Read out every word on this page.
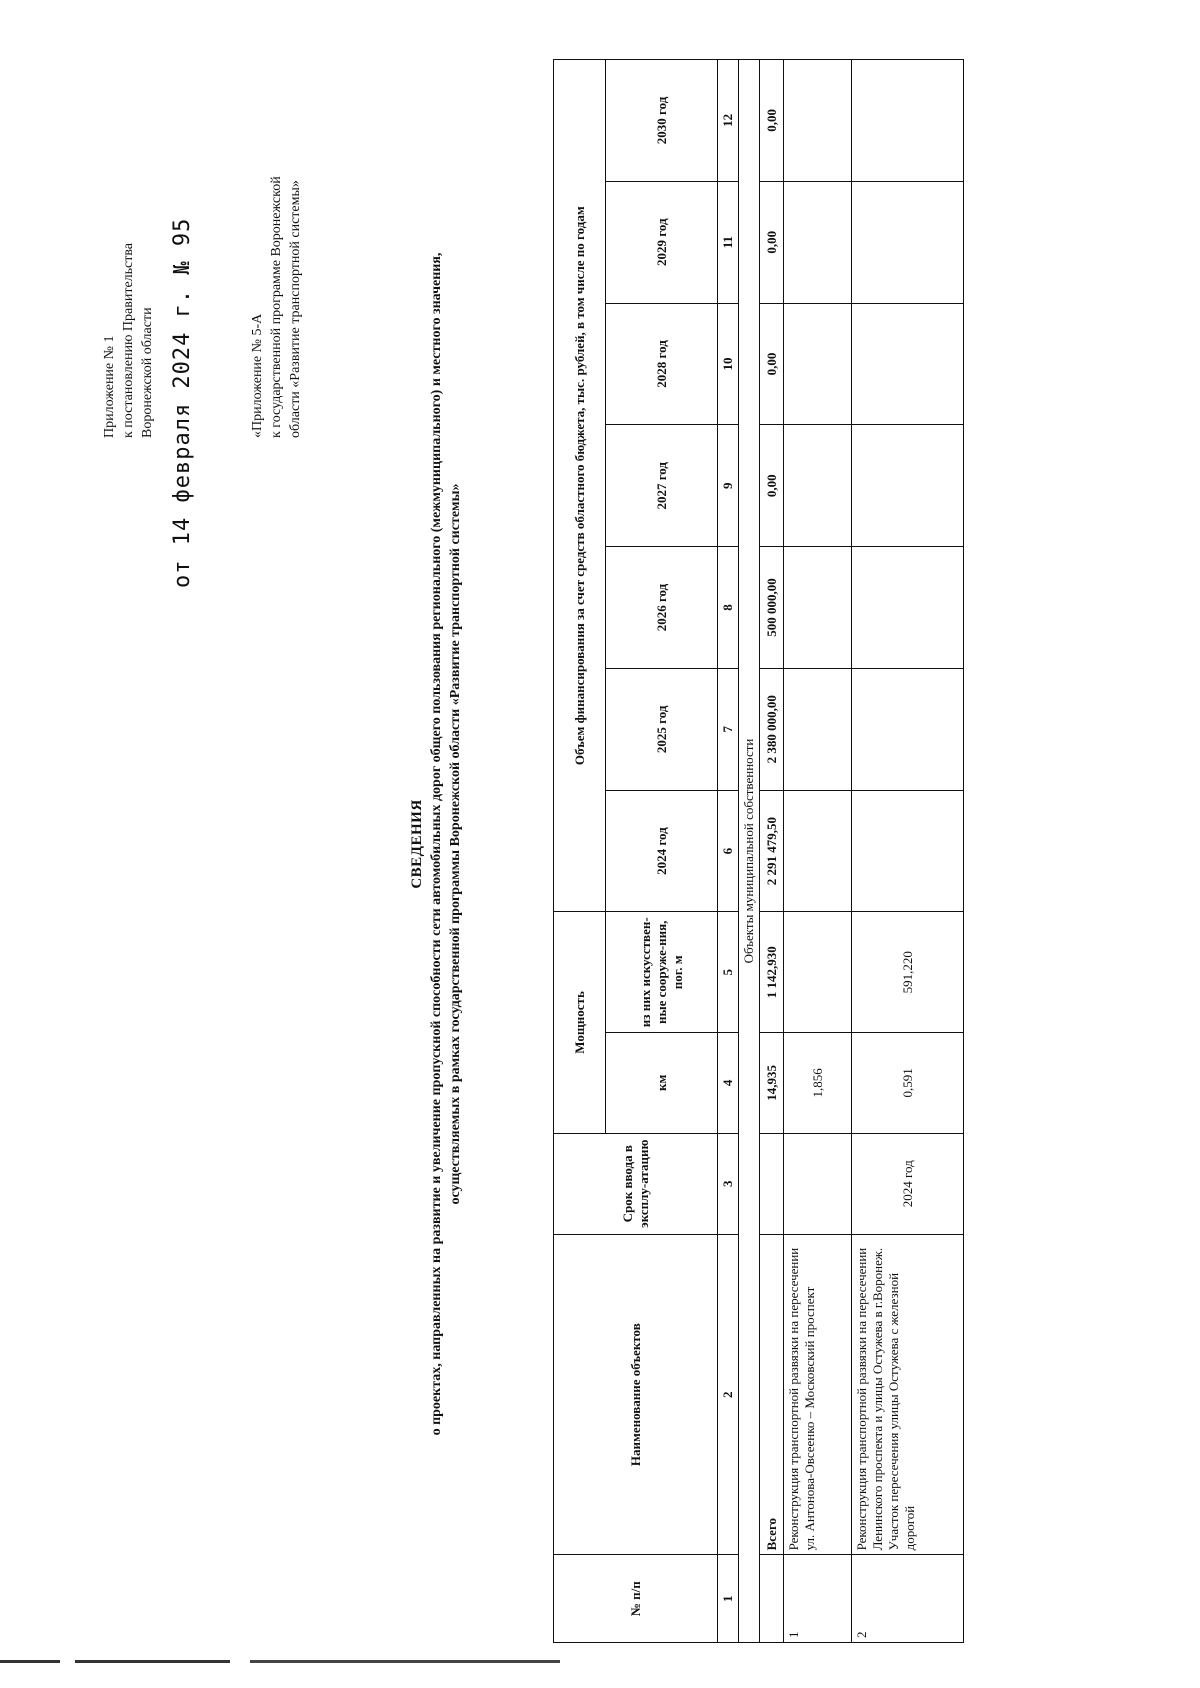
Приложение № 1 к постановлению Правительства Воронежской области от 14 февраля 2024 г. № 95	«Приложение № 5-А к государственной программе Воронежской области «Развитие транспортной системы»
СВЕДЕНИЯ о проектах, направленных на развитие и увеличение пропускной способности сети автомобильных дорог общего пользования регионального (межмуниципального) и местного значения, осуществляемых в рамках государственной программы Воронежской области «Развитие транспортной системы»
№ п/п	Наименование объектов	Срок ввода в эксплу-атацию	Мощность		Объем финансирования за счет средств областного бюджета, тыс. рублей, в том числе по годам						
			км	из них искусствен-ные сооруже-ния, пог. м	2024 год	2025 год	2026 год	2027 год	2028 год	2029 год	2030 год
1	2	3	4	5	6	7	8	9	10	11	12
Объекты муниципальной собственности											
	Всего		14,935	1 142,930	2 291 479,50	2 380 000,00	500 000,00	0,00	0,00	0,00	0,00
1	Реконструкция транспортной развязки на пересечении ул. Антонова-Овсеенко – Московский проспект		1,856								
2	Реконструкция транспортной развязки на пересечении Ленинского проспекта и улицы Остужева в г.Воронеж. Участок пересечения улицы Остужева с железной дорогой	2024 год	0,591	591,220							
